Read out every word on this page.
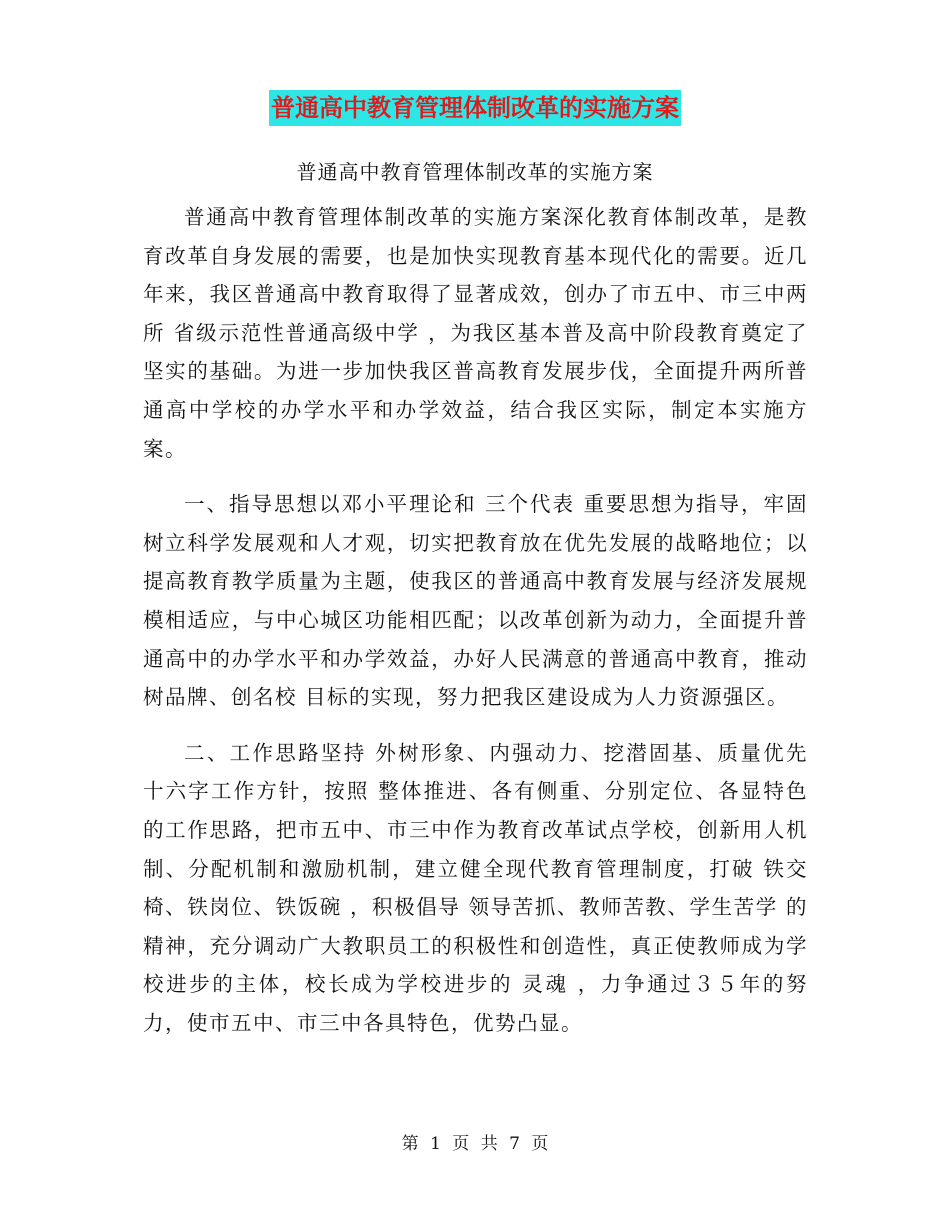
普通高中教育管理体制改革的实施方案
普通高中教育管理体制改革的实施方案

普通高中教育管理体制改革的实施方案深化教育体制改革，是教育改革自身发展的需要，也是加快实现教育基本现代化的需要。近几年来，我区普通高中教育取得了显著成效，创办了市五中、市三中两所 省级示范性普通高级中学 ，为我区基本普及高中阶段教育奠定了坚实的基础。为进一步加快我区普高教育发展步伐，全面提升两所普通高中学校的办学水平和办学效益，结合我区实际，制定本实施方案。

一、指导思想以邓小平理论和 三个代表 重要思想为指导，牢固树立科学发展观和人才观，切实把教育放在优先发展的战略地位；以提高教育教学质量为主题，使我区的普通高中教育发展与经济发展规模相适应，与中心城区功能相匹配；以改革创新为动力，全面提升普通高中的办学水平和办学效益，办好人民满意的普通高中教育，推动树品牌、创名校 目标的实现，努力把我区建设成为人力资源强区。

二、工作思路坚持 外树形象、内强动力、挖潜固基、质量优先 十六字工作方针，按照 整体推进、各有侧重、分别定位、各显特色 的工作思路，把市五中、市三中作为教育改革试点学校，创新用人机制、分配机制和激励机制，建立健全现代教育管理制度，打破 铁交椅、铁岗位、铁饭碗 ，积极倡导 领导苦抓、教师苦教、学生苦学 的精神，充分调动广大教职员工的积极性和创造性，真正使教师成为学校进步的主体，校长成为学校进步的 灵魂 ，力争通过３５年的努力，使市五中、市三中各具特色，优势凸显。

第 1 页 共 7 页
